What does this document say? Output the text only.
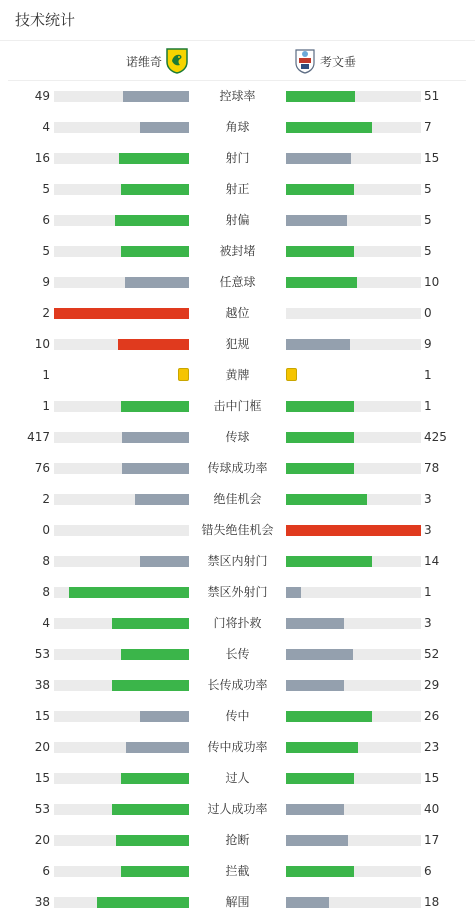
技术统计
诺维奇	考文垂
49	控球率	51
4	角球	7
16	射门	15
5	射正	5
6	射偏	5
5	被封堵	5
9	任意球	10
2	越位	0
10	犯规	9
1	黄牌	1
1	击中门框	1
417	传球	425
76	传球成功率	78
2	绝佳机会	3
0	错失绝佳机会	3
8	禁区内射门	14
8	禁区外射门	1
4	门将扑救	3
53	长传	52
38	长传成功率	29
15	传中	26
20	传中成功率	23
15	过人	15
53	过人成功率	40
20	抢断	17
6	拦截	6
38	解围	18
